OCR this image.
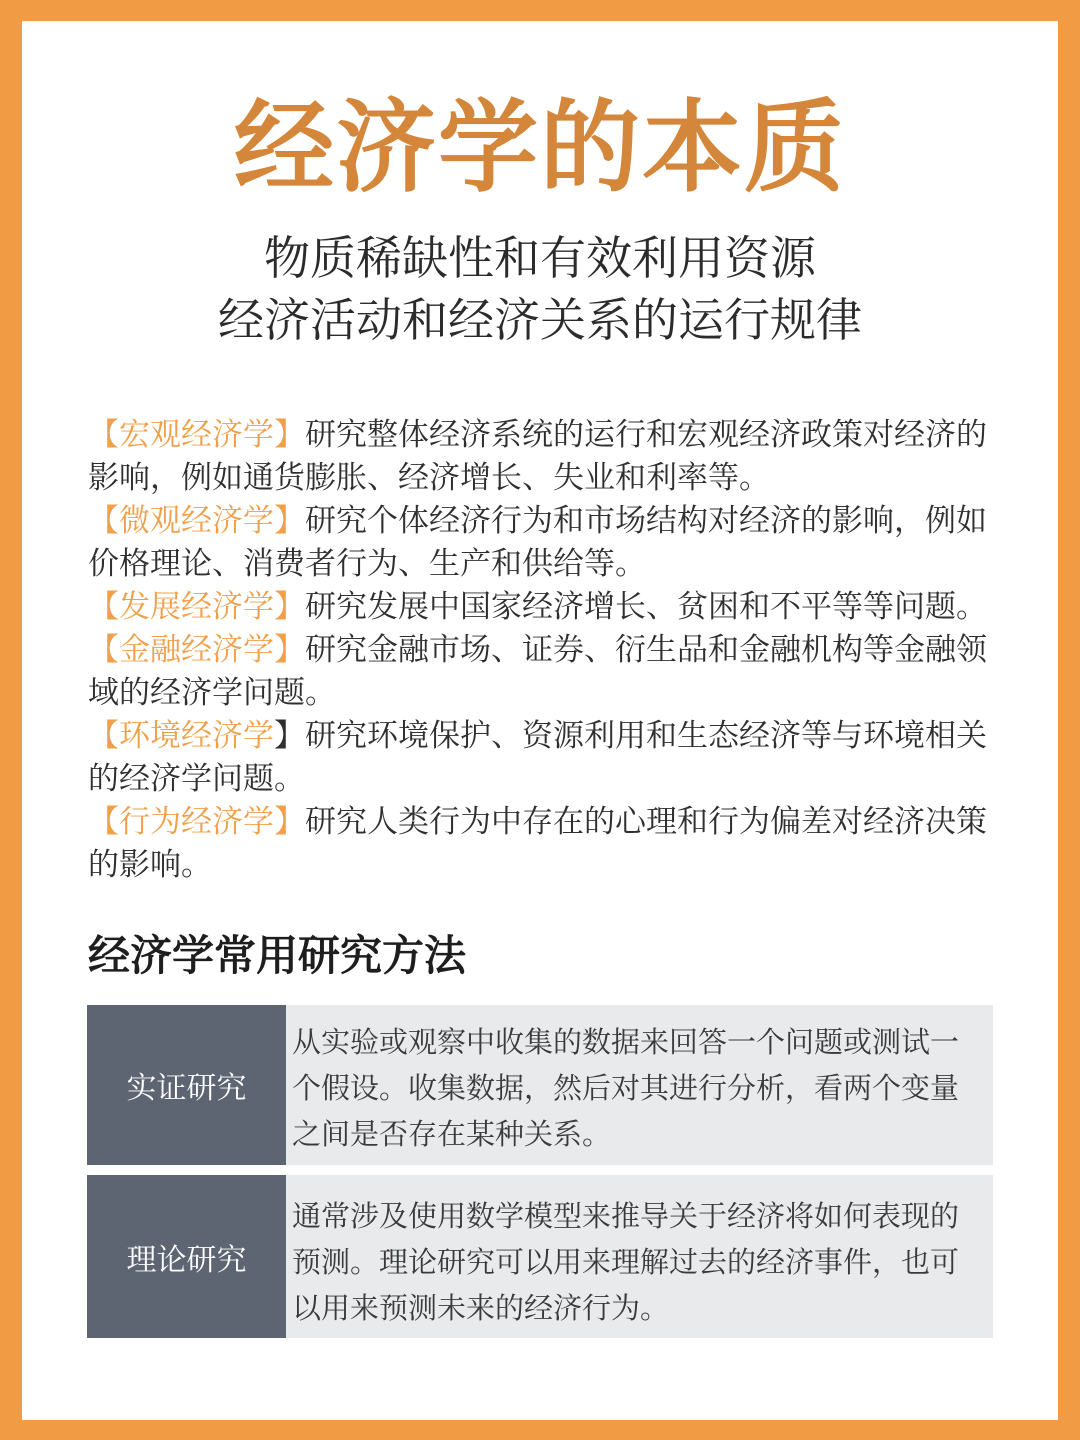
经济学的本质
物质稀缺性和有效利用资源
经济活动和经济关系的运行规律

【宏观经济学】研究整体经济系统的运行和宏观经济政策对经济的影响，例如通货膨胀、经济增长、失业和利率等。

【微观经济学】研究个体经济行为和市场结构对经济的影响，例如价格理论、消费者行为、生产和供给等。

【发展经济学】研究发展中国家经济增长、贫困和不平等等问题。

【金融经济学】研究金融市场、证券、衍生品和金融机构等金融领域的经济学问题。

【环境经济学】研究环境保护、资源利用和生态经济等与环境相关的经济学问题。

【行为经济学】研究人类行为中存在的心理和行为偏差对经济决策的影响。

经济学常用研究方法
实证研究
从实验或观察中收集的数据来回答一个问题或测试一个假设。收集数据，然后对其进行分析，看两个变量之间是否存在某种关系。
理论研究
通常涉及使用数学模型来推导关于经济将如何表现的预测。理论研究可以用来理解过去的经济事件，也可以用来预测未来的经济行为。
